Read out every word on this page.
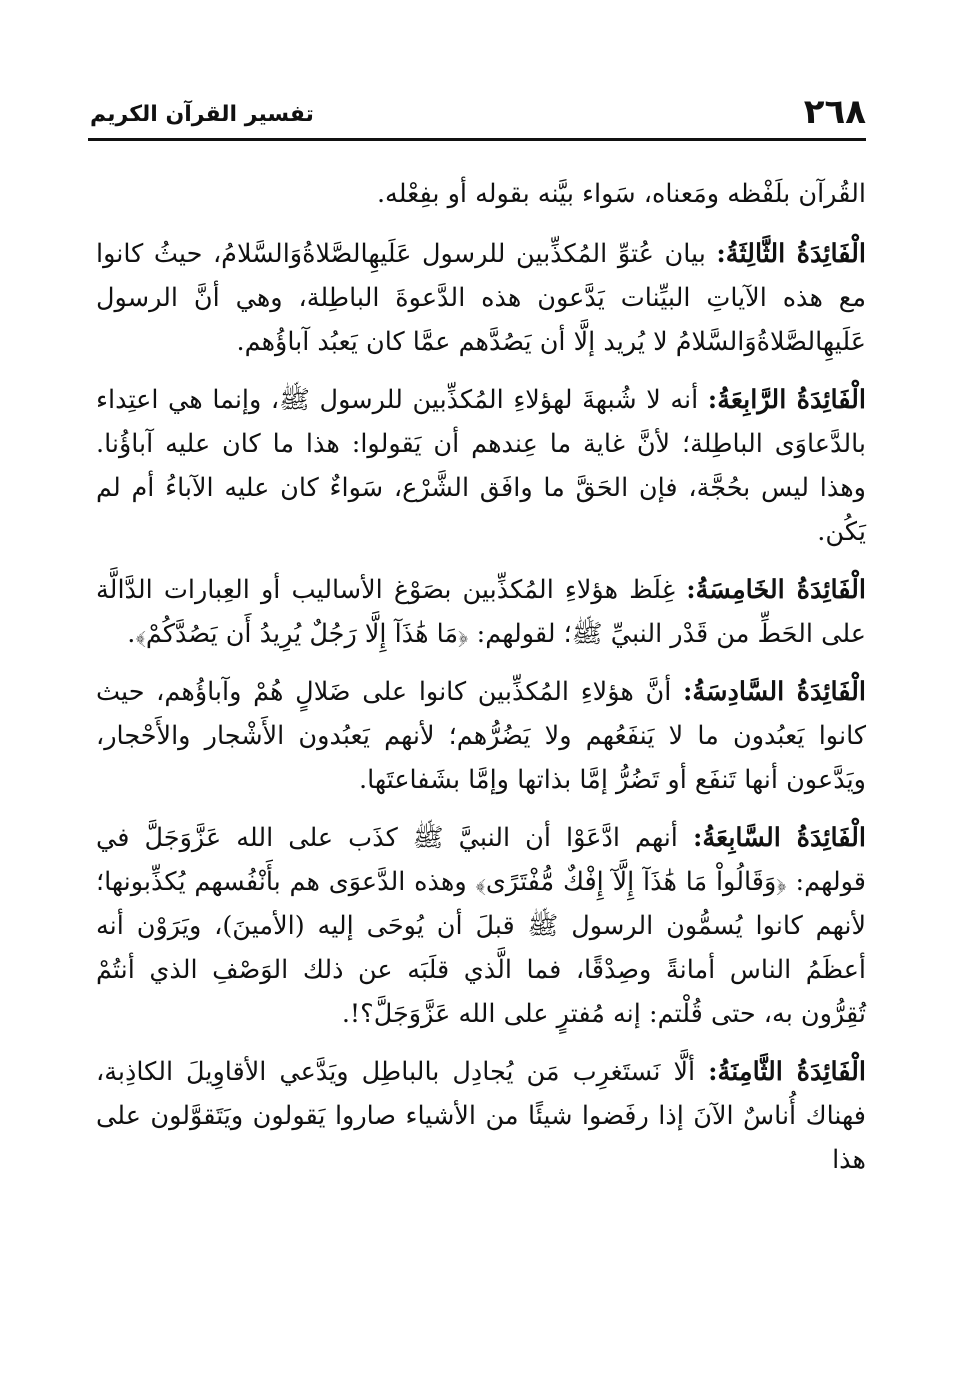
٢٦٨
تفسير القرآن الكريم

القُرآن بلَفْظه ومَعناه، سَواء بيَّنه بقوله أو بفِعْله.

الْفَائِدَةُ الثَّالِثَةُ: بيان عُتوِّ المُكذِّبين للرسول عَلَيهِالصَّلاةُوَالسَّلامُ، حيثُ كانوا مع هذه الآياتِ البيِّنات يَدَّعون هذه الدَّعوةَ الباطِلة، وهي أنَّ الرسول عَلَيهِالصَّلاةُوَالسَّلامُ لا يُريد إلَّا أن يَصُدَّهم عمَّا كان يَعبُد آباؤُهم.

الْفَائِدَةُ الرَّابِعَةُ: أنه لا شُبهةَ لهؤلاءِ المُكذِّبين للرسول ﷺ، وإنما هي اعتِداء بالدَّعاوَى الباطِلة؛ لأنَّ غاية ما عِندهم أن يَقولوا: هذا ما كان عليه آباؤُنا. وهذا ليس بحُجَّة، فإن الحَقَّ ما وافَق الشَّرْع، سَواءٌ كان عليه الآباءُ أم لم يَكُن.

الْفَائِدَةُ الخَامِسَةُ: غِلَظ هؤلاءِ المُكذِّبين بصَوْغ الأساليب أو العِبارات الدَّالَّة على الحَطِّ من قَدْر النبيِّ ﷺ؛ لقولهم: ﴿مَا هَٰذَآ إِلَّا رَجُلٌ يُرِيدُ أَن يَصُدَّكُمْ﴾.

الْفَائِدَةُ السَّادِسَةُ: أنَّ هؤلاءِ المُكذِّبين كانوا على ضَلالٍ هُمْ وآباؤُهم، حيث كانوا يَعبُدون ما لا يَنفَعُهم ولا يَضُرُّهم؛ لأنهم يَعبُدون الأَشْجار والأَحْجار، ويَدَّعون أنها تَنفَع أو تَضُرُّ إمَّا بذاتها وإمَّا بشَفاعتَها.

الْفَائِدَةُ السَّابِعَةُ: أنهم ادَّعَوْا أن النبيَّ ﷺ كذَب على الله عَزَّوَجَلَّ في قولهم: ﴿وَقَالُواْ مَا هَٰذَآ إِلَّآ إِفْكٌ مُّفْتَرًى﴾ وهذه الدَّعوَى هم بأَنْفُسهم يُكذِّبونها؛ لأنهم كانوا يُسمُّون الرسول ﷺ قبلَ أن يُوحَى إليه (الأمينَ)، ويَرَوْن أنه أعظَمُ الناس أمانةً وصِدْقًا، فما الَّذي قلَبَه عن ذلك الوَصْفِ الذي أنتُمْ تُقِرُّون به، حتى قُلْتم: إنه مُفترٍ على الله عَزَّوَجَلَّ؟!.

الْفَائِدَةُ الثَّامِنَةُ: ألَّا نَستَغرِب مَن يُجادِل بالباطِل ويَدَّعي الأقاوِيلَ الكاذِبة، فهناك أُناسٌ الآنَ إذا رفَضوا شيئًا من الأشياء صاروا يَقولون ويَتَقوَّلون على هذا
